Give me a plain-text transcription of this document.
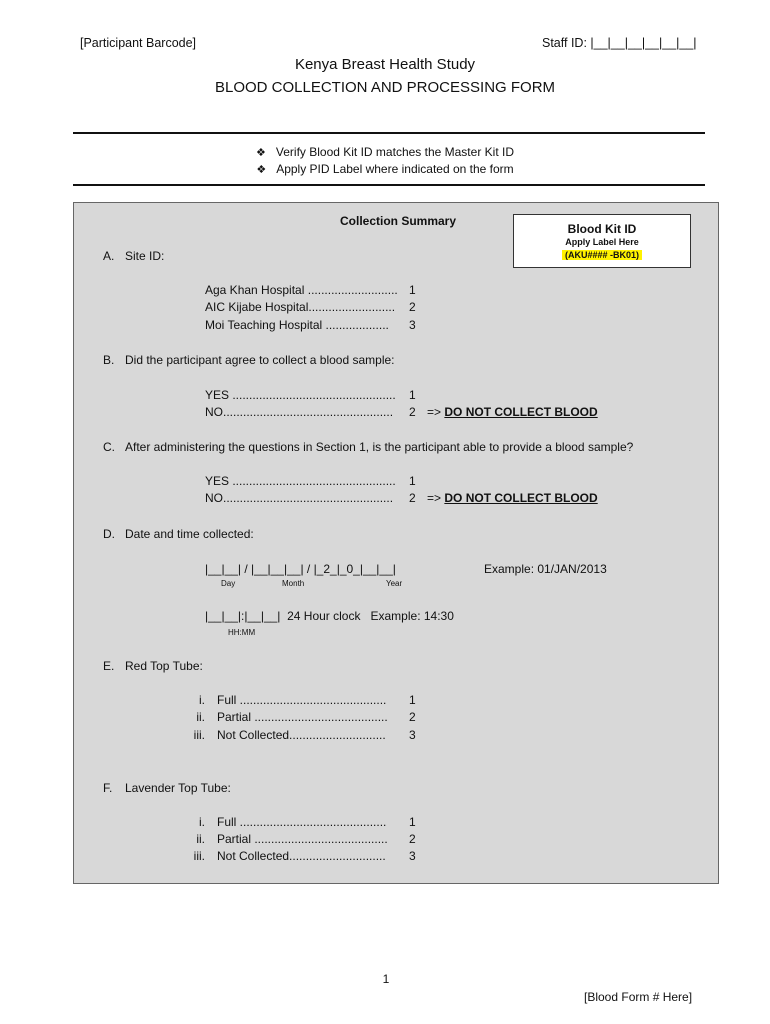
[Participant Barcode]	Staff ID: |__|__|__|__|__|__|
Kenya Breast Health Study
BLOOD COLLECTION AND PROCESSING FORM
❖ Verify Blood Kit ID matches the Master Kit ID
❖ Apply PID Label where indicated on the form
Collection Summary
Blood Kit ID
Apply Label Here
(AKU#### -BK01)
A. Site ID:
Aga Khan Hospital ........................... 1
AIC Kijabe Hospital.......................... 2
Moi Teaching Hospital ................... 3
B. Did the participant agree to collect a blood sample:
YES ................................................. 1
NO................................................... 2 => DO NOT COLLECT BLOOD
C. After administering the questions in Section 1, is the participant able to provide a blood sample?
YES ................................................. 1
NO................................................... 2 => DO NOT COLLECT BLOOD
D. Date and time collected:
|__|__| / |__|__|__| / |_2_|_0_|__|__|
Day	Month	Year
Example: 01/JAN/2013
|__|__|:|__|__| 24 Hour clock Example: 14:30
HH:MM
E. Red Top Tube:
i. Full ............................................ 1
ii. Partial ........................................ 2
iii. Not Collected............................. 3
F. Lavender Top Tube:
i. Full ............................................ 1
ii. Partial ........................................ 2
iii. Not Collected............................. 3
1
[Blood Form # Here]
